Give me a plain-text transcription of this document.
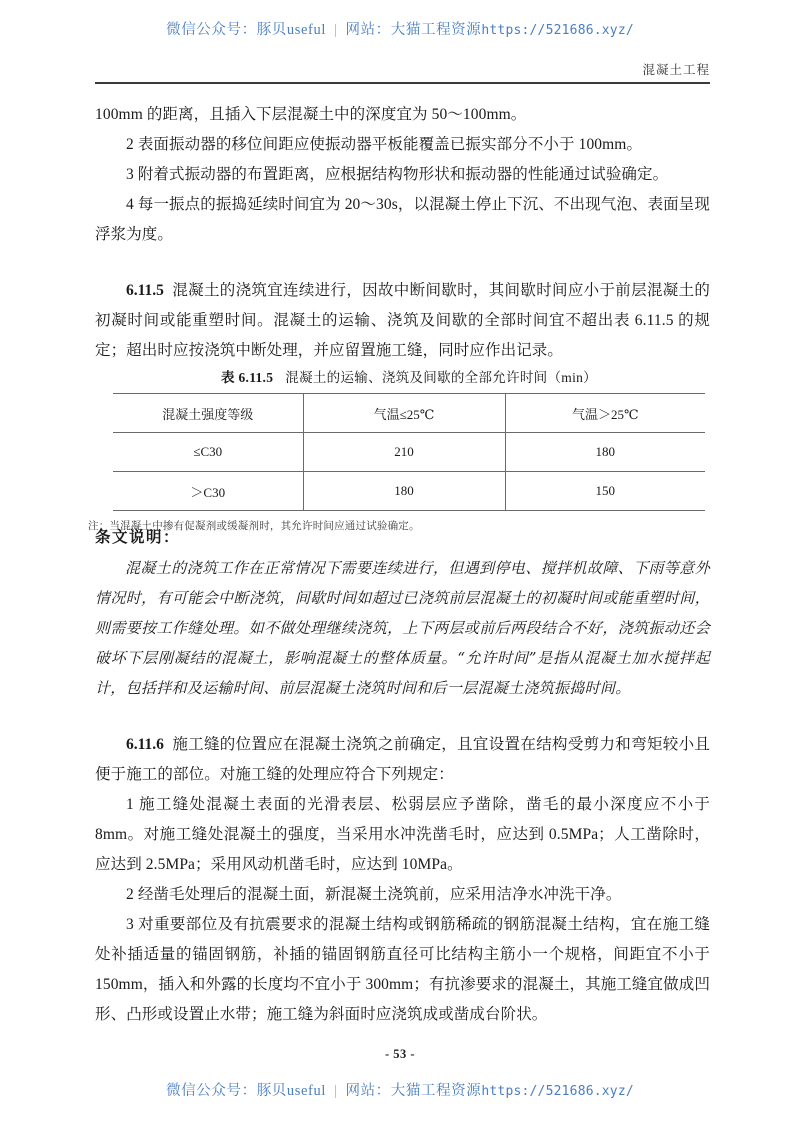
微信公众号：豚贝useful | 网站：大猫工程资源https://521686.xyz/
混凝土工程

100mm 的距离，且插入下层混凝土中的深度宜为 50～100mm。

2 表面振动器的移位间距应使振动器平板能覆盖已振实部分不小于 100mm。

3 附着式振动器的布置距离，应根据结构物形状和振动器的性能通过试验确定。

4 每一振点的振捣延续时间宜为 20～30s，以混凝土停止下沉、不出现气泡、表面呈现浮浆为度。

6.11.5 混凝土的浇筑宜连续进行，因故中断间歇时，其间歇时间应小于前层混凝土的初凝时间或能重塑时间。混凝土的运输、浇筑及间歇的全部时间宜不超出表 6.11.5 的规定；超出时应按浇筑中断处理，并应留置施工缝，同时应作出记录。

表 6.11.5 混凝土的运输、浇筑及间歇的全部允许时间（min）
混凝土强度等级	气温≤25℃	气温＞25℃
≤C30	210	180
＞C30	180	150
注：当混凝土中掺有促凝剂或缓凝剂时，其允许时间应通过试验确定。
条文说明：

混凝土的浇筑工作在正常情况下需要连续进行，但遇到停电、搅拌机故障、下雨等意外情况时，有可能会中断浇筑，间歇时间如超过已浇筑前层混凝土的初凝时间或能重塑时间，则需要按工作缝处理。如不做处理继续浇筑，上下两层或前后两段结合不好，浇筑振动还会破坏下层刚凝结的混凝土，影响混凝土的整体质量。“允许时间”是指从混凝土加水搅拌起计，包括拌和及运输时间、前层混凝土浇筑时间和后一层混凝土浇筑振捣时间。

6.11.6 施工缝的位置应在混凝土浇筑之前确定，且宜设置在结构受剪力和弯矩较小且便于施工的部位。对施工缝的处理应符合下列规定：

1 施工缝处混凝土表面的光滑表层、松弱层应予凿除，凿毛的最小深度应不小于 8mm。对施工缝处混凝土的强度，当采用水冲洗凿毛时，应达到 0.5MPa；人工凿除时，应达到 2.5MPa；采用风动机凿毛时，应达到 10MPa。

2 经凿毛处理后的混凝土面，新混凝土浇筑前，应采用洁净水冲洗干净。

3 对重要部位及有抗震要求的混凝土结构或钢筋稀疏的钢筋混凝土结构，宜在施工缝处补插适量的锚固钢筋，补插的锚固钢筋直径可比结构主筋小一个规格，间距宜不小于 150mm，插入和外露的长度均不宜小于 300mm；有抗渗要求的混凝土，其施工缝宜做成凹形、凸形或设置止水带；施工缝为斜面时应浇筑成或凿成台阶状。

- 53 -
微信公众号：豚贝useful | 网站：大猫工程资源https://521686.xyz/
